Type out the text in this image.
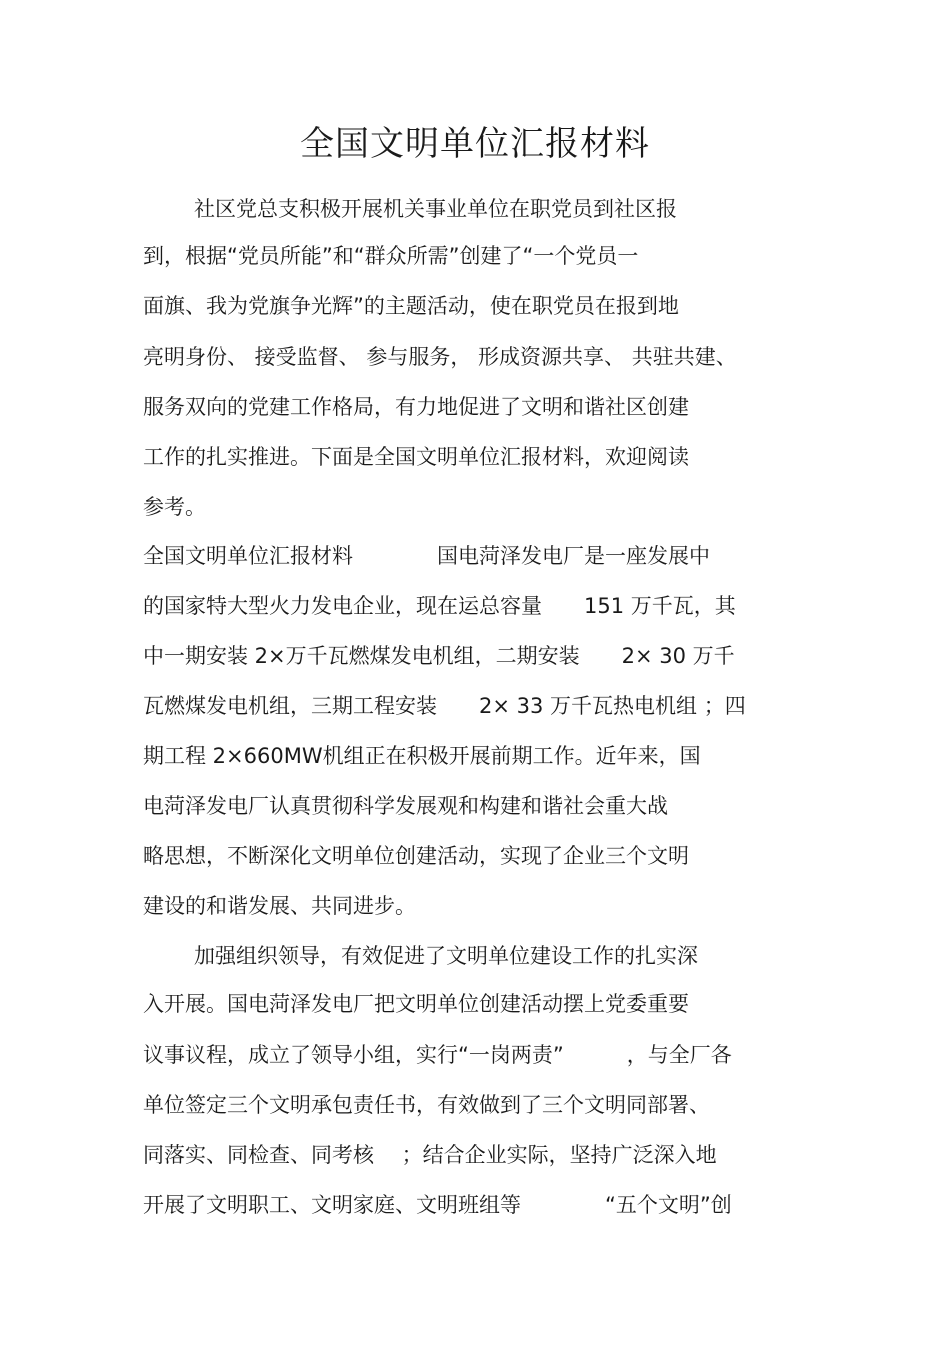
全国文明单位汇报材料
社区党总支积极开展机关事业单位在职党员到社区报
到，根据“党员所能”和“群众所需”创建了“一个党员一
面旗、我为党旗争光辉”的主题活动，使在职党员在报到地
亮明身份、 接受监督、 参与服务， 形成资源共享、 共驻共建、
服务双向的党建工作格局，有力地促进了文明和谐社区创建
工作的扎实推进。下面是全国文明单位汇报材料，欢迎阅读
参考。
全国文明单位汇报材料　　　　国电菏泽发电厂是一座发展中
的国家特大型火力发电企业，现在运总容量　　151 万千瓦，其
中一期安装 2×万千瓦燃煤发电机组，二期安装　　2× 30 万千
瓦燃煤发电机组，三期工程安装　　2× 33 万千瓦热电机组 ；四
期工程 2×660MW机组正在积极开展前期工作。近年来，国
电菏泽发电厂认真贯彻科学发展观和构建和谐社会重大战
略思想，不断深化文明单位创建活动，实现了企业三个文明
建设的和谐发展、共同进步。
加强组织领导，有效促进了文明单位建设工作的扎实深
入开展。国电菏泽发电厂把文明单位创建活动摆上党委重要
议事议程，成立了领导小组，实行“一岗两责”　　　，与全厂各
单位签定三个文明承包责任书，有效做到了三个文明同部署、
同落实、同检查、同考核　 ；结合企业实际，坚持广泛深入地
开展了文明职工、文明家庭、文明班组等　　　　“五个文明”创
